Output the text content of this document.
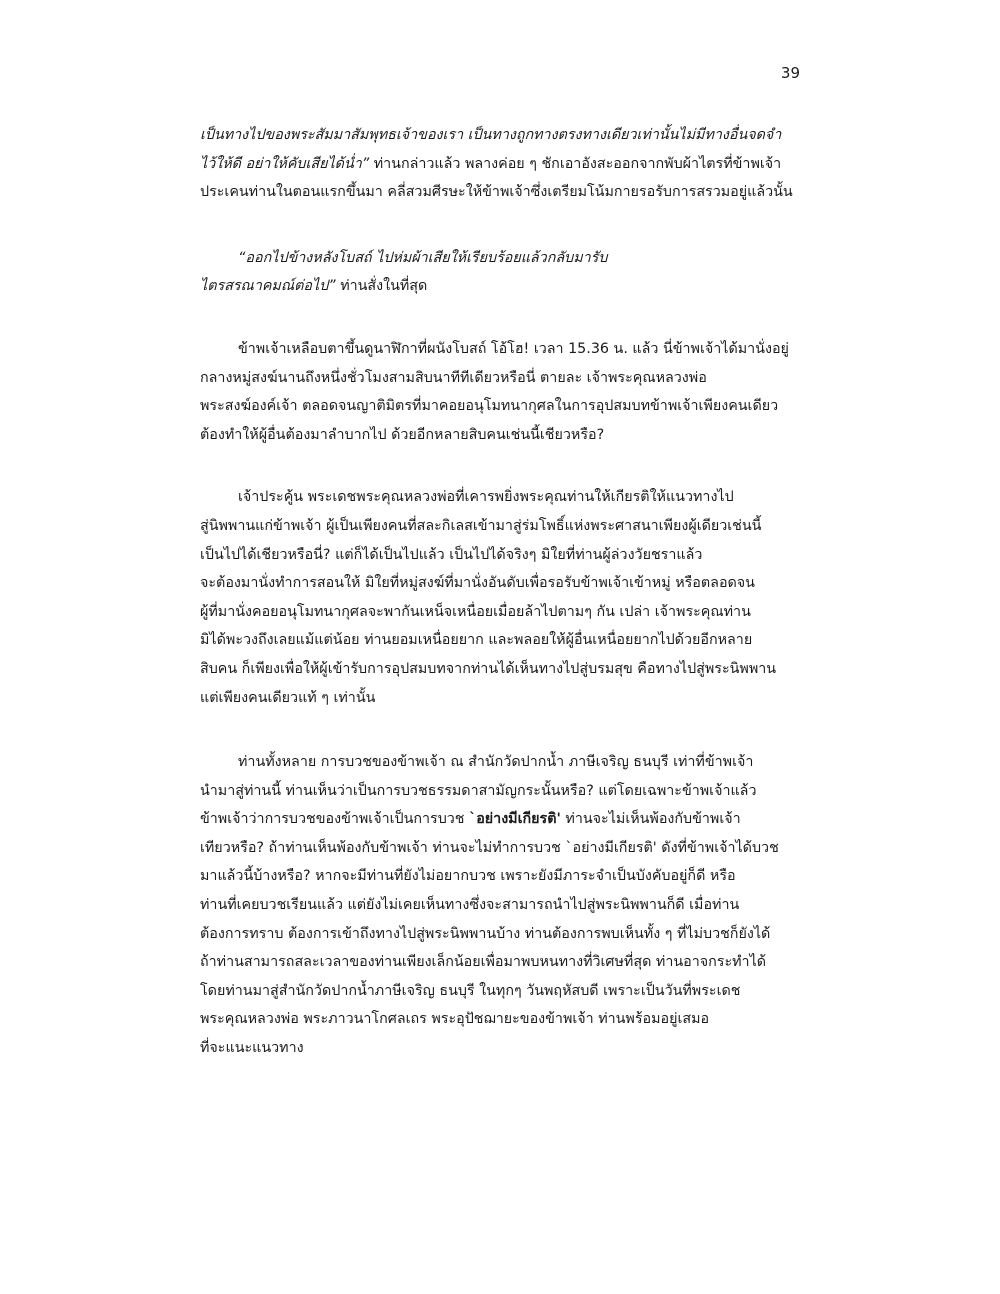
39
เป็นทางไปของพระสัมมาสัมพุทธเจ้าของเรา เป็นทางถูกทางตรงทางเดียวเท่านั้นไม่มีทางอื่นจดจำ
ไว้ให้ดี อย่าให้คับเสียได้น่ำ” ท่านกล่าวแล้ว พลางค่อย ๆ ชักเอาอังสะออกจากพับผ้าไตรที่ข้าพเจ้า
ประเคนท่านในตอนแรกขึ้นมา คลี่สวมศีรษะให้ข้าพเจ้าซึ่งเตรียมโน้มกายรอรับการสรวมอยู่แล้วนั้น
“ออกไปข้างหลังโบสถ์ ไปห่มผ้าเสียให้เรียบร้อยแล้วกลับมารับ
ไตรสรณาคมณ์ต่อไป” ท่านสั่งในที่สุด
ข้าพเจ้าเหลือบตาขึ้นดูนาฬิกาที่ผนังโบสถ์ โอ้โฮ! เวลา 15.36 น. แล้ว นี่ข้าพเจ้าได้มานั่งอยู่
กลางหมู่สงฆ์นานถึงหนึ่งชั่วโมงสามสิบนาทีทีเดียวหรือนี่ ตายละ เจ้าพระคุณหลวงพ่อ
พระสงฆ์องค์เจ้า ตลอดจนญาติมิตรที่มาคอยอนุโมทนากุศลในการอุปสมบทข้าพเจ้าเพียงคนเดียว
ต้องทำให้ผู้อื่นต้องมาลำบากไป ด้วยอีกหลายสิบคนเช่นนี้เชียวหรือ?
เจ้าประคู้น พระเดชพระคุณหลวงพ่อที่เคารพยิ่งพระคุณท่านให้เกียรติให้แนวทางไป
สู่นิพพานแก่ข้าพเจ้า ผู้เป็นเพียงคนที่สละกิเลสเข้ามาสู่ร่มโพธิ์แห่งพระศาสนาเพียงผู้เดียวเช่นนี้
เป็นไปได้เชียวหรือนี่? แต่ก็ได้เป็นไปแล้ว เป็นไปได้จริงๆ มิใยที่ท่านผู้ล่วงวัยชราแล้ว
จะต้องมานั่งทำการสอนให้ มิใยที่หมู่สงฆ์ที่มานั่งอันดับเพื่อรอรับข้าพเจ้าเข้าหมู่ หรือตลอดจน
ผู้ที่มานั่งคอยอนุโมทนากุศลจะพากันเหน็จเหนื่อยเมื่อยล้าไปตามๆ กัน เปล่า เจ้าพระคุณท่าน
มิได้พะวงถึงเลยแม้แต่น้อย ท่านยอมเหนื่อยยาก และพลอยให้ผู้อื่นเหนื่อยยากไปด้วยอีกหลาย
สิบคน ก็เพียงเพื่อให้ผู้เข้ารับการอุปสมบทจากท่านได้เห็นทางไปสู่บรมสุข คือทางไปสู่พระนิพพาน
แต่เพียงคนเดียวแท้ ๆ เท่านั้น
ท่านทั้งหลาย การบวชของข้าพเจ้า ณ สำนักวัดปากน้ำ ภาษีเจริญ ธนบุรี เท่าที่ข้าพเจ้า
นำมาสู่ท่านนี้ ท่านเห็นว่าเป็นการบวชธรรมดาสามัญกระนั้นหรือ? แต่โดยเฉพาะข้าพเจ้าแล้ว
ข้าพเจ้าว่าการบวชของข้าพเจ้าเป็นการบวช `อย่างมีเกียรติ' ท่านจะไม่เห็นพ้องกับข้าพเจ้า
เทียวหรือ? ถ้าท่านเห็นพ้องกับข้าพเจ้า ท่านจะไม่ทำการบวช `อย่างมีเกียรติ' ดังที่ข้าพเจ้าได้บวช
มาแล้วนี้บ้างหรือ? หากจะมีท่านที่ยังไม่อยากบวช เพราะยังมีภาระจำเป็นบังคับอยู่ก็ดี หรือ
ท่านที่เคยบวชเรียนแล้ว แต่ยังไม่เคยเห็นทางซึ่งจะสามารถนำไปสู่พระนิพพานก็ดี เมื่อท่าน
ต้องการทราบ ต้องการเข้าถึงทางไปสู่พระนิพพานบ้าง ท่านต้องการพบเห็นทั้ง ๆ ที่ไม่บวชก็ยังได้
ถ้าท่านสามารถสละเวลาของท่านเพียงเล็กน้อยเพื่อมาพบหนทางที่วิเศษที่สุด ท่านอาจกระทำได้
โดยท่านมาสู่สำนักวัดปากน้ำภาษีเจริญ ธนบุรี ในทุกๆ วันพฤหัสบดี เพราะเป็นวันที่พระเดช
พระคุณหลวงพ่อ พระภาวนาโกศลเถร พระอุปัชฌายะของข้าพเจ้า ท่านพร้อมอยู่เสมอ
ที่จะแนะแนวทาง
